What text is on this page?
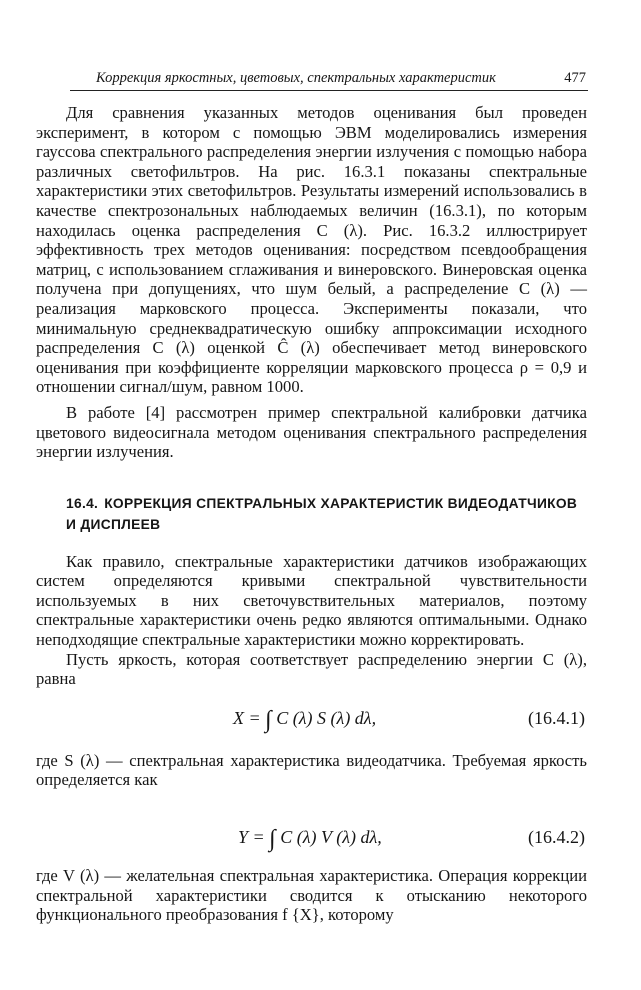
Коррекция яркостных, цветовых, спектральных характеристик	477

Для сравнения указанных методов оценивания был проведен эксперимент, в котором с помощью ЭВМ моделировались измерения гауссова спектрального распределения энергии излучения с помощью набора различных светофильтров. На рис. 16.3.1 показаны спектральные характеристики этих светофильтров. Результаты измерений использовались в качестве спектрозональных наблюдаемых величин (16.3.1), по которым находилась оценка распределения C (λ). Рис. 16.3.2 иллюстрирует эффективность трех методов оценивания: посредством псевдообращения матриц, с использованием сглаживания и винеровского. Винеровская оценка получена при допущениях, что шум белый, а распределение C (λ) — реализация марковского процесса. Эксперименты показали, что минимальную среднеквадратическую ошибку аппроксимации исходного распределения C (λ) оценкой Ĉ (λ) обеспечивает метод винеровского оценивания при коэффициенте корреляции марковского процесса ρ = 0,9 и отношении сигнал/шум, равном 1000.

В работе [4] рассмотрен пример спектральной калибровки датчика цветового видеосигнала методом оценивания спектрального распределения энергии излучения.

16.4. КОРРЕКЦИЯ СПЕКТРАЛЬНЫХ ХАРАКТЕРИСТИК ВИДЕОДАТЧИКОВ И ДИСПЛЕЕВ

Как правило, спектральные характеристики датчиков изображающих систем определяются кривыми спектральной чувствительности используемых в них светочувствительных материалов, поэтому спектральные характеристики очень редко являются оптимальными. Однако неподходящие спектральные характеристики можно корректировать.

Пусть яркость, которая соответствует распределению энергии C (λ), равна

X = ∫ C (λ) S (λ) dλ,	(16.4.1)

где S (λ) — спектральная характеристика видеодатчика. Требуемая яркость определяется как

Y = ∫ C (λ) V (λ) dλ,	(16.4.2)

где V (λ) — желательная спектральная характеристика. Операция коррекции спектральной характеристики сводится к отысканию некоторого функционального преобразования f {X}, которому
